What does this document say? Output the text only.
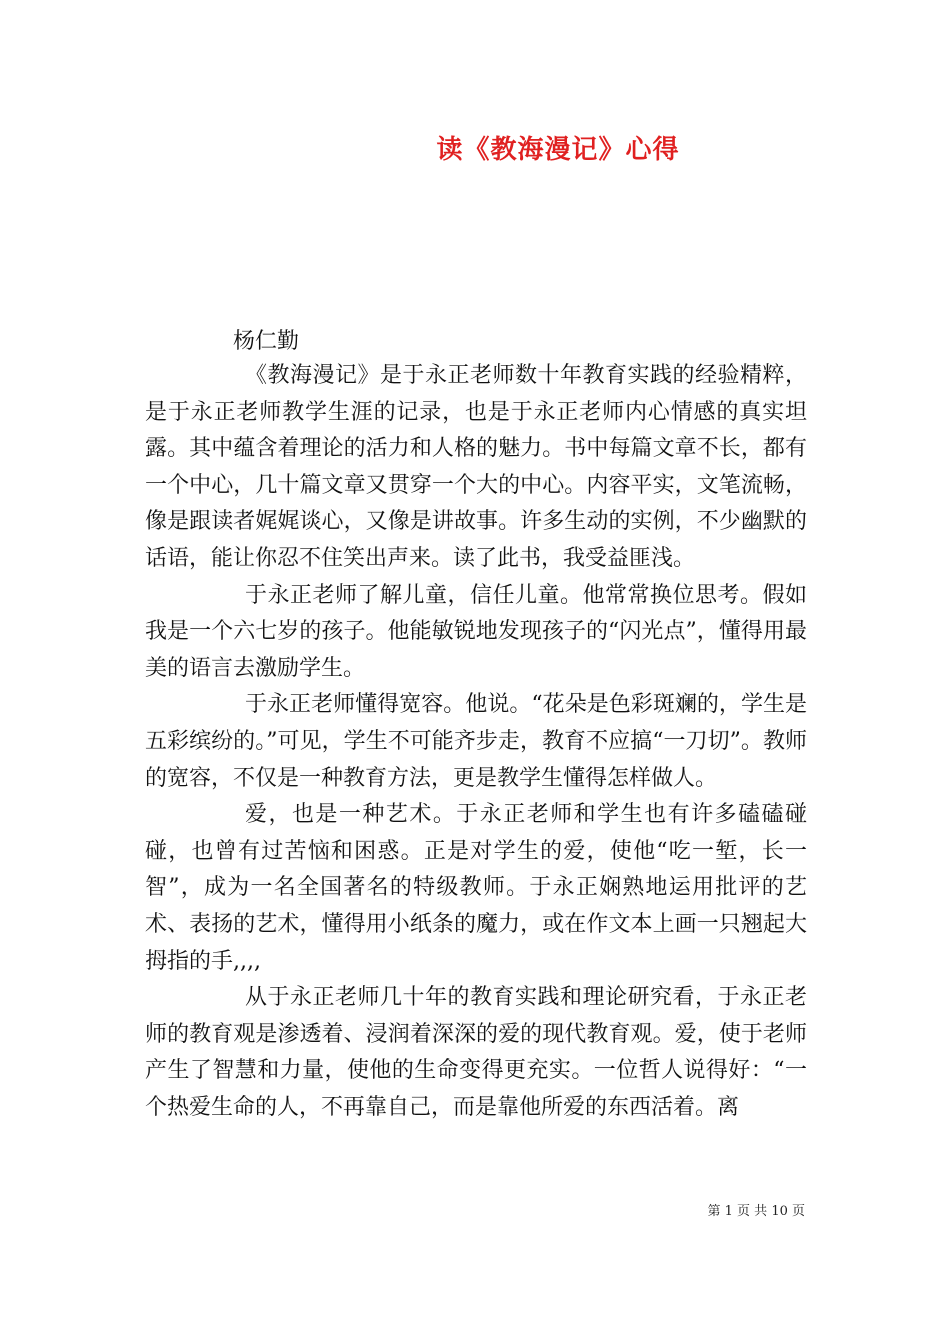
读《教海漫记》心得
杨仁勤

《教海漫记》是于永正老师数十年教育实践的经验精粹，是于永正老师教学生涯的记录，也是于永正老师内心情感的真实坦露。其中蕴含着理论的活力和人格的魅力。书中每篇文章不长，都有一个中心，几十篇文章又贯穿一个大的中心。内容平实，文笔流畅，像是跟读者娓娓谈心，又像是讲故事。许多生动的实例，不少幽默的话语，能让你忍不住笑出声来。读了此书，我受益匪浅。

于永正老师了解儿童，信任儿童。他常常换位思考。假如我是一个六七岁的孩子。他能敏锐地发现孩子的“闪光点”，懂得用最美的语言去激励学生。

于永正老师懂得宽容。他说。“花朵是色彩斑斓的，学生是五彩缤纷的。”可见，学生不可能齐步走，教育不应搞“一刀切”。教师的宽容，不仅是一种教育方法，更是教学生懂得怎样做人。

爱，也是一种艺术。于永正老师和学生也有许多磕磕碰碰，也曾有过苦恼和困惑。正是对学生的爱，使他“吃一堑，长一智”，成为一名全国著名的特级教师。于永正娴熟地运用批评的艺术、表扬的艺术，懂得用小纸条的魔力，或在作文本上画一只翘起大拇指的手,,,,

从于永正老师几十年的教育实践和理论研究看，于永正老师的教育观是渗透着、浸润着深深的爱的现代教育观。爱，使于老师产生了智慧和力量，使他的生命变得更充实。一位哲人说得好：“一个热爱生命的人，不再靠自己，而是靠他所爱的东西活着。离

第 1 页 共 10 页
